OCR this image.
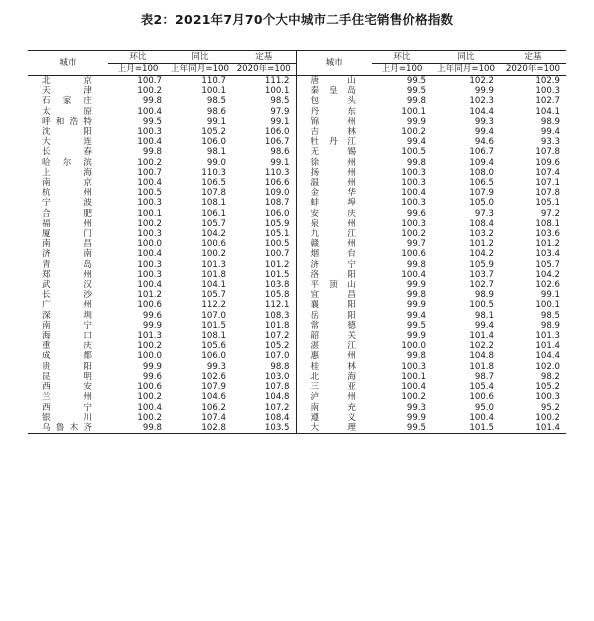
表2：2021年7月70个大中城市二手住宅销售价格指数
城市	环比	同比	定基	城市	环比	同比	定基
	上月=100	上年同月=100	2020年=100		上月=100	上年同月=100	2020年=100
北　京	100.7	110.7	111.2	唐　山	99.5	102.2	102.9
天　津	100.2	100.1	100.1	秦皇岛	99.5	99.9	100.3
石家庄	99.8	98.5	98.5	包　头	99.8	102.3	102.7
太　原	100.4	98.6	97.9	丹　东	100.1	104.4	104.1
呼和浩特	99.5	99.1	99.1	锦　州	99.9	99.3	98.9
沈　阳	100.3	105.2	106.0	吉　林	100.2	99.4	99.4
大　连	100.4	106.0	106.7	牡丹江	99.4	94.6	93.3
长　春	99.8	98.1	98.6	无　锡	100.5	106.7	107.8
哈尔滨	100.2	99.0	99.1	徐　州	99.8	109.4	109.6
上　海	100.7	110.3	110.3	扬　州	100.3	108.0	107.4
南　京	100.4	106.5	106.6	温　州	100.3	106.5	107.1
杭　州	100.5	107.8	109.0	金　华	100.4	107.9	107.8
宁　波	100.3	108.1	108.7	蚌　埠	100.3	105.0	105.1
合　肥	100.1	106.1	106.0	安　庆	99.6	97.3	97.2
福　州	100.2	105.7	105.9	泉　州	100.3	108.4	108.1
厦　门	100.3	104.2	105.1	九　江	100.2	103.2	103.6
南　昌	100.0	100.6	100.5	赣　州	99.7	101.2	101.2
济　南	100.4	100.2	100.7	烟　台	100.6	104.2	103.4
青　岛	100.3	101.3	101.2	济　宁	99.8	105.9	105.7
郑　州	100.3	101.8	101.5	洛　阳	100.4	103.7	104.2
武　汉	100.4	104.1	103.8	平顶山	99.9	102.7	102.6
长　沙	101.2	105.7	105.8	宜　昌	99.8	98.9	99.1
广　州	100.6	112.2	112.1	襄　阳	99.9	100.5	100.1
深　圳	99.6	107.0	108.3	岳　阳	99.4	98.1	98.5
南　宁	99.9	101.5	101.8	常　德	99.5	99.4	98.9
海　口	101.3	108.1	107.2	韶　关	99.9	101.4	101.3
重　庆	100.2	105.6	105.2	湛　江	100.0	102.2	101.4
成　都	100.0	106.0	107.0	惠　州	99.8	104.8	104.4
贵　阳	99.9	99.3	98.8	桂　林	100.3	101.8	102.0
昆　明	99.6	102.6	103.0	北　海	100.1	98.7	98.2
西　安	100.6	107.9	107.8	三　亚	100.4	105.4	105.2
兰　州	100.2	104.6	104.8	泸　州	100.2	100.6	100.3
西　宁	100.4	106.2	107.2	南　充	99.3	95.0	95.2
银　川	100.2	107.4	108.4	遵　义	99.9	100.4	100.2
乌鲁木齐	99.8	102.8	103.5	大　理	99.5	101.5	101.4
